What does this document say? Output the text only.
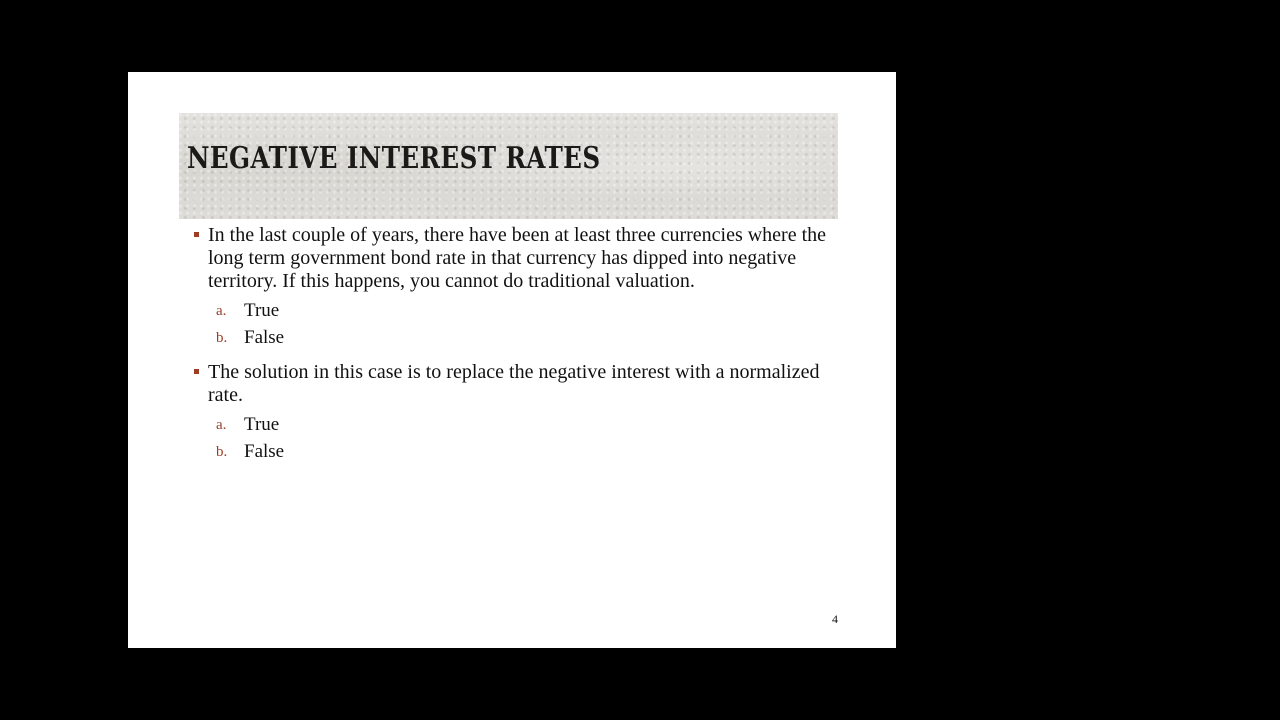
NEGATIVE INTEREST RATES
In the last couple of years, there have been at least three currencies where the long term government bond rate in that currency has dipped into negative territory. If this happens, you cannot do traditional valuation.
a. True
b. False
The solution in this case is to replace the negative interest with a normalized rate.
a. True
b. False
4
